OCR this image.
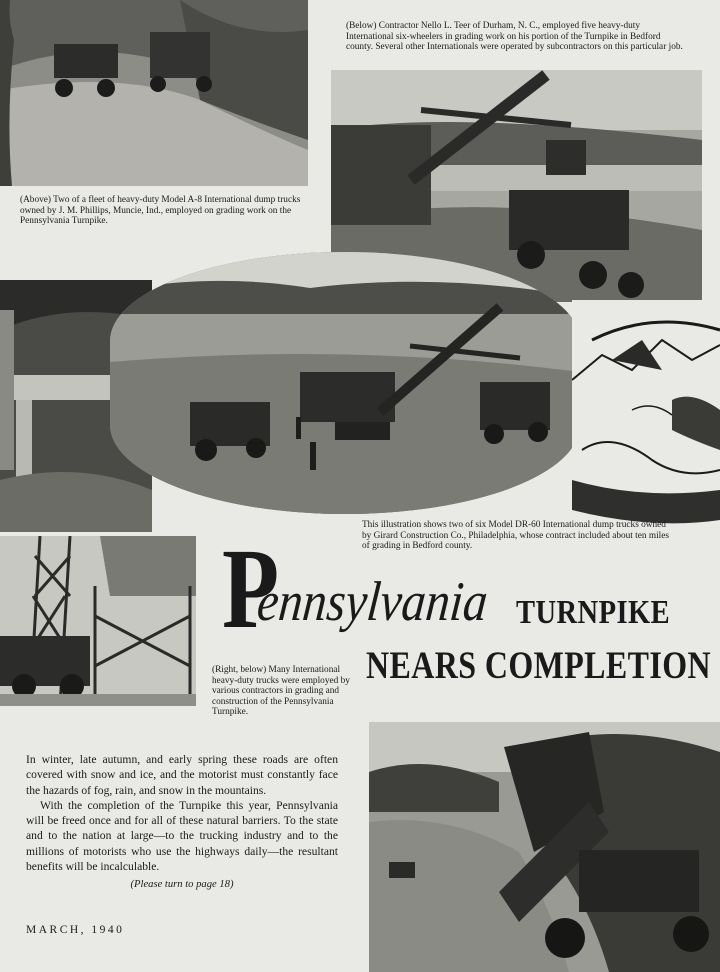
(Above) Two of a fleet of heavy-duty Model A-8 International dump trucks owned by J. M. Phillips, Muncie, Ind., employed on grading work on the Pennsylvania Turnpike.
(Below) Contractor Nello L. Teer of Durham, N. C., employed five heavy-duty International six-wheelers in grading work on his portion of the Turnpike in Bedford county. Several other Internationals were operated by subcontractors on this particular job.
This illustration shows two of six Model DR-60 International dump trucks owned by Girard Construction Co., Philadelphia, whose contract included about ten miles of grading in Bedford county.
P
ennsylvania TURNPIKE
NEARS COMPLETION
(Right, below) Many International heavy-duty trucks were employed by various contractors in grading and construction of the Pennsylvania Turnpike.

In winter, late autumn, and early spring these roads are often covered with snow and ice, and the motorist must constantly face the hazards of fog, rain, and snow in the mountains.

With the completion of the Turnpike this year, Pennsylvania will be freed once and for all of these natural barriers. To the state and to the nation at large—to the trucking industry and to the millions of motorists who use the highways daily—the resultant benefits will be incalculable.

(Please turn to page 18)
MARCH, 1940
